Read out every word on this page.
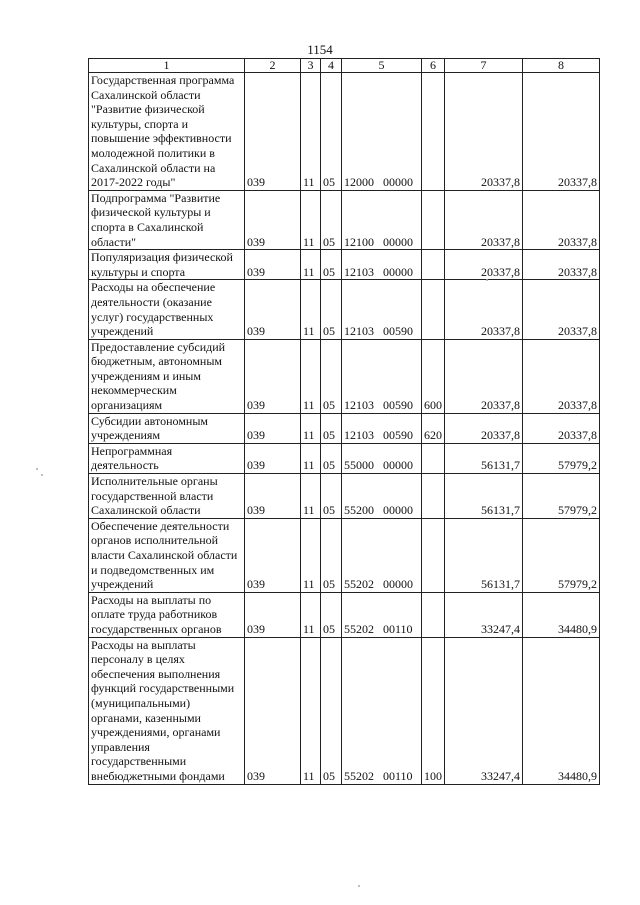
1154
1	2	3	4	5	6	7	8
Государственная программа Сахалинской области "Развитие физической культуры, спорта и повышение эффективности молодежной политики в Сахалинской области на 2017-2022 годы"	039	11	05	12000 00000		20337,8	20337,8
Подпрограмма "Развитие физической культуры и спорта в Сахалинской области"	039	11	05	12100 00000		20337,8	20337,8
Популяризация физической культуры и спорта	039	11	05	12103 00000		20337,8	20337,8
Расходы на обеспечение деятельности (оказание услуг) государственных учреждений	039	11	05	12103 00590		20337,8	20337,8
Предоставление субсидий бюджетным, автономным учреждениям и иным некоммерческим организациям	039	11	05	12103 00590	600	20337,8	20337,8
Субсидии автономным учреждениям	039	11	05	12103 00590	620	20337,8	20337,8
Непрограммная деятельность	039	11	05	55000 00000		56131,7	57979,2
Исполнительные органы государственной власти Сахалинской области	039	11	05	55200 00000		56131,7	57979,2
Обеспечение деятельности органов исполнительной власти Сахалинской области и подведомственных им учреждений	039	11	05	55202 00000		56131,7	57979,2
Расходы на выплаты по оплате труда работников государственных органов	039	11	05	55202 00110		33247,4	34480,9
Расходы на выплаты персоналу в целях обеспечения выполнения функций государственными (муниципальными) органами, казенными учреждениями, органами управления государственными внебюджетными фондами	039	11	05	55202 00110	100	33247,4	34480,9
